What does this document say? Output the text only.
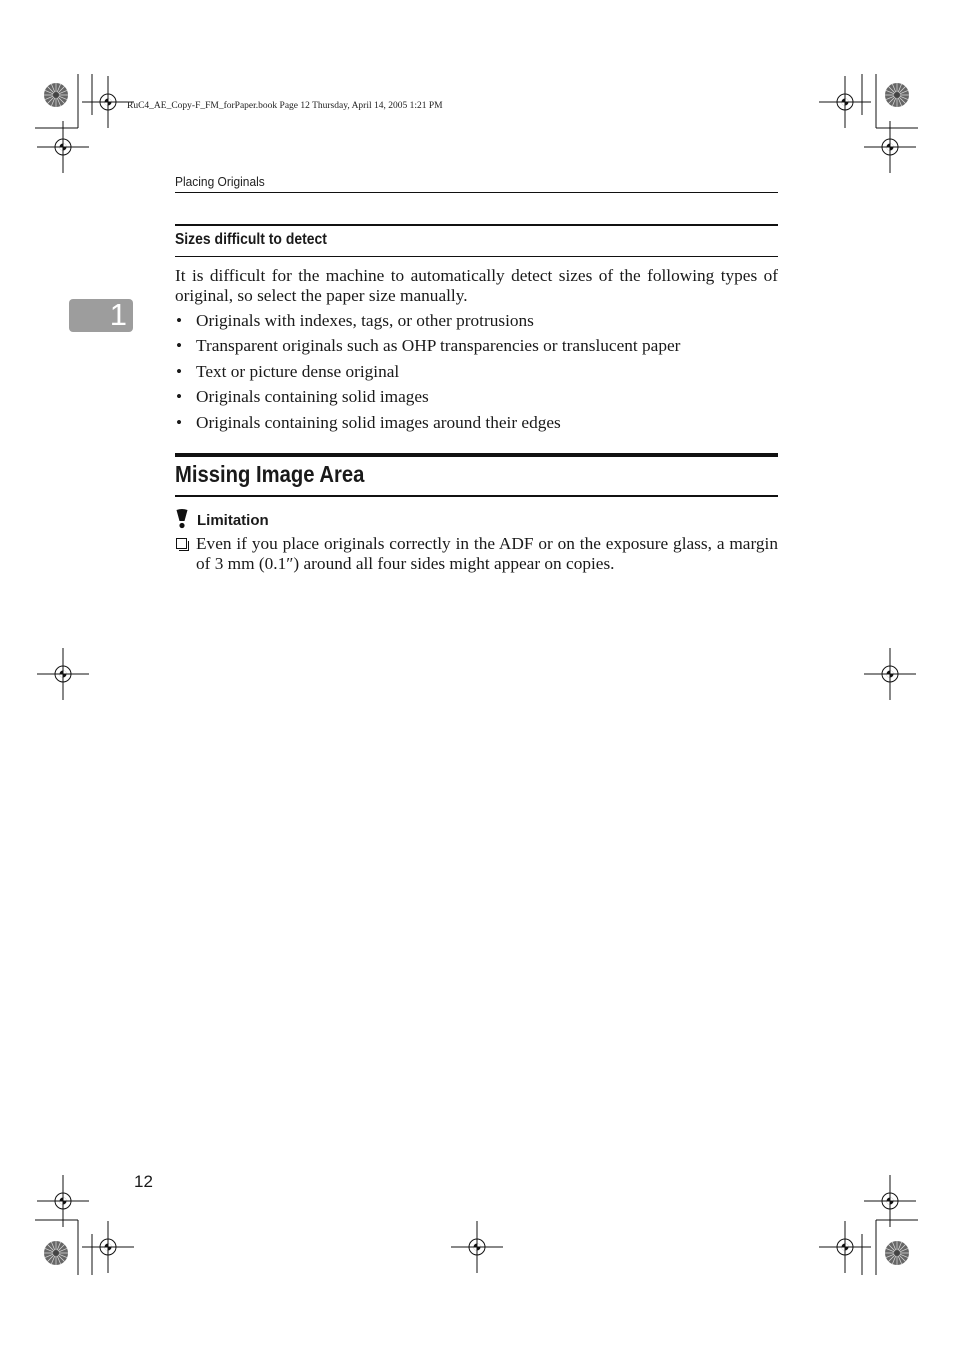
RuC4_AE_Copy-F_FM_forPaper.book Page 12 Thursday, April 14, 2005 1:21 PM
Placing Originals
1
Sizes difficult to detect
It is difficult for the machine to automatically detect sizes of the following types of original, so select the paper size manually.
• Originals with indexes, tags, or other protrusions
• Transparent originals such as OHP transparencies or translucent paper
• Text or picture dense original
• Originals containing solid images
• Originals containing solid images around their edges
Missing Image Area
Limitation
Even if you place originals correctly in the ADF or on the exposure glass, a margin of 3 mm (0.1″) around all four sides might appear on copies.
12
